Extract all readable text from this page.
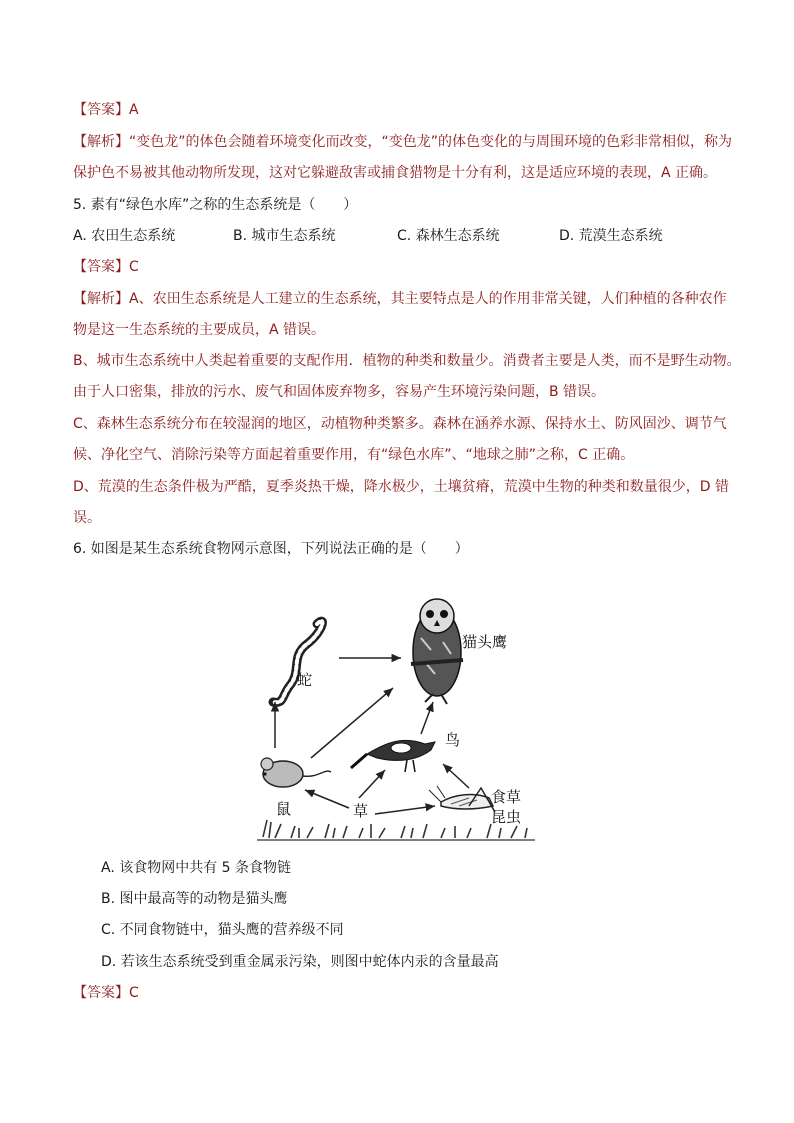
【答案】A
【解析】“变色龙”的体色会随着环境变化而改变，“变色龙”的体色变化的与周围环境的色彩非常相似，称为
保护色不易被其他动物所发现，这对它躲避敌害或捕食猎物是十分有利，这是适应环境的表现，A 正确。
5. 素有“绿色水库”之称的生态系统是（　　）
A. 农田生态系统	B. 城市生态系统	C. 森林生态系统	D. 荒漠生态系统
【答案】C
【解析】A、农田生态系统是人工建立的生态系统，其主要特点是人的作用非常关键，人们种植的各种农作
物是这一生态系统的主要成员，A 错误。
B、城市生态系统中人类起着重要的支配作用．植物的种类和数量少。消费者主要是人类，而不是野生动物。
由于人口密集，排放的污水、废气和固体废弃物多，容易产生环境污染问题，B 错误。
C、森林生态系统分布在较湿润的地区，动植物种类繁多。森林在涵养水源、保持水土、防风固沙、调节气
候、净化空气、消除污染等方面起着重要作用，有“绿色水库”、“地球之肺”之称，C 正确。
D、荒漠的生态条件极为严酷，夏季炎热干燥，降水极少，土壤贫瘠，荒漠中生物的种类和数量很少，D 错
误。
6. 如图是某生态系统食物网示意图，下列说法正确的是（　　）
蛇
猫头鹰
鸟
鼠	草
食草
昆虫
A. 该食物网中共有 5 条食物链
B. 图中最高等的动物是猫头鹰
C. 不同食物链中，猫头鹰的营养级不同
D. 若该生态系统受到重金属汞污染，则图中蛇体内汞的含量最高
【答案】C
